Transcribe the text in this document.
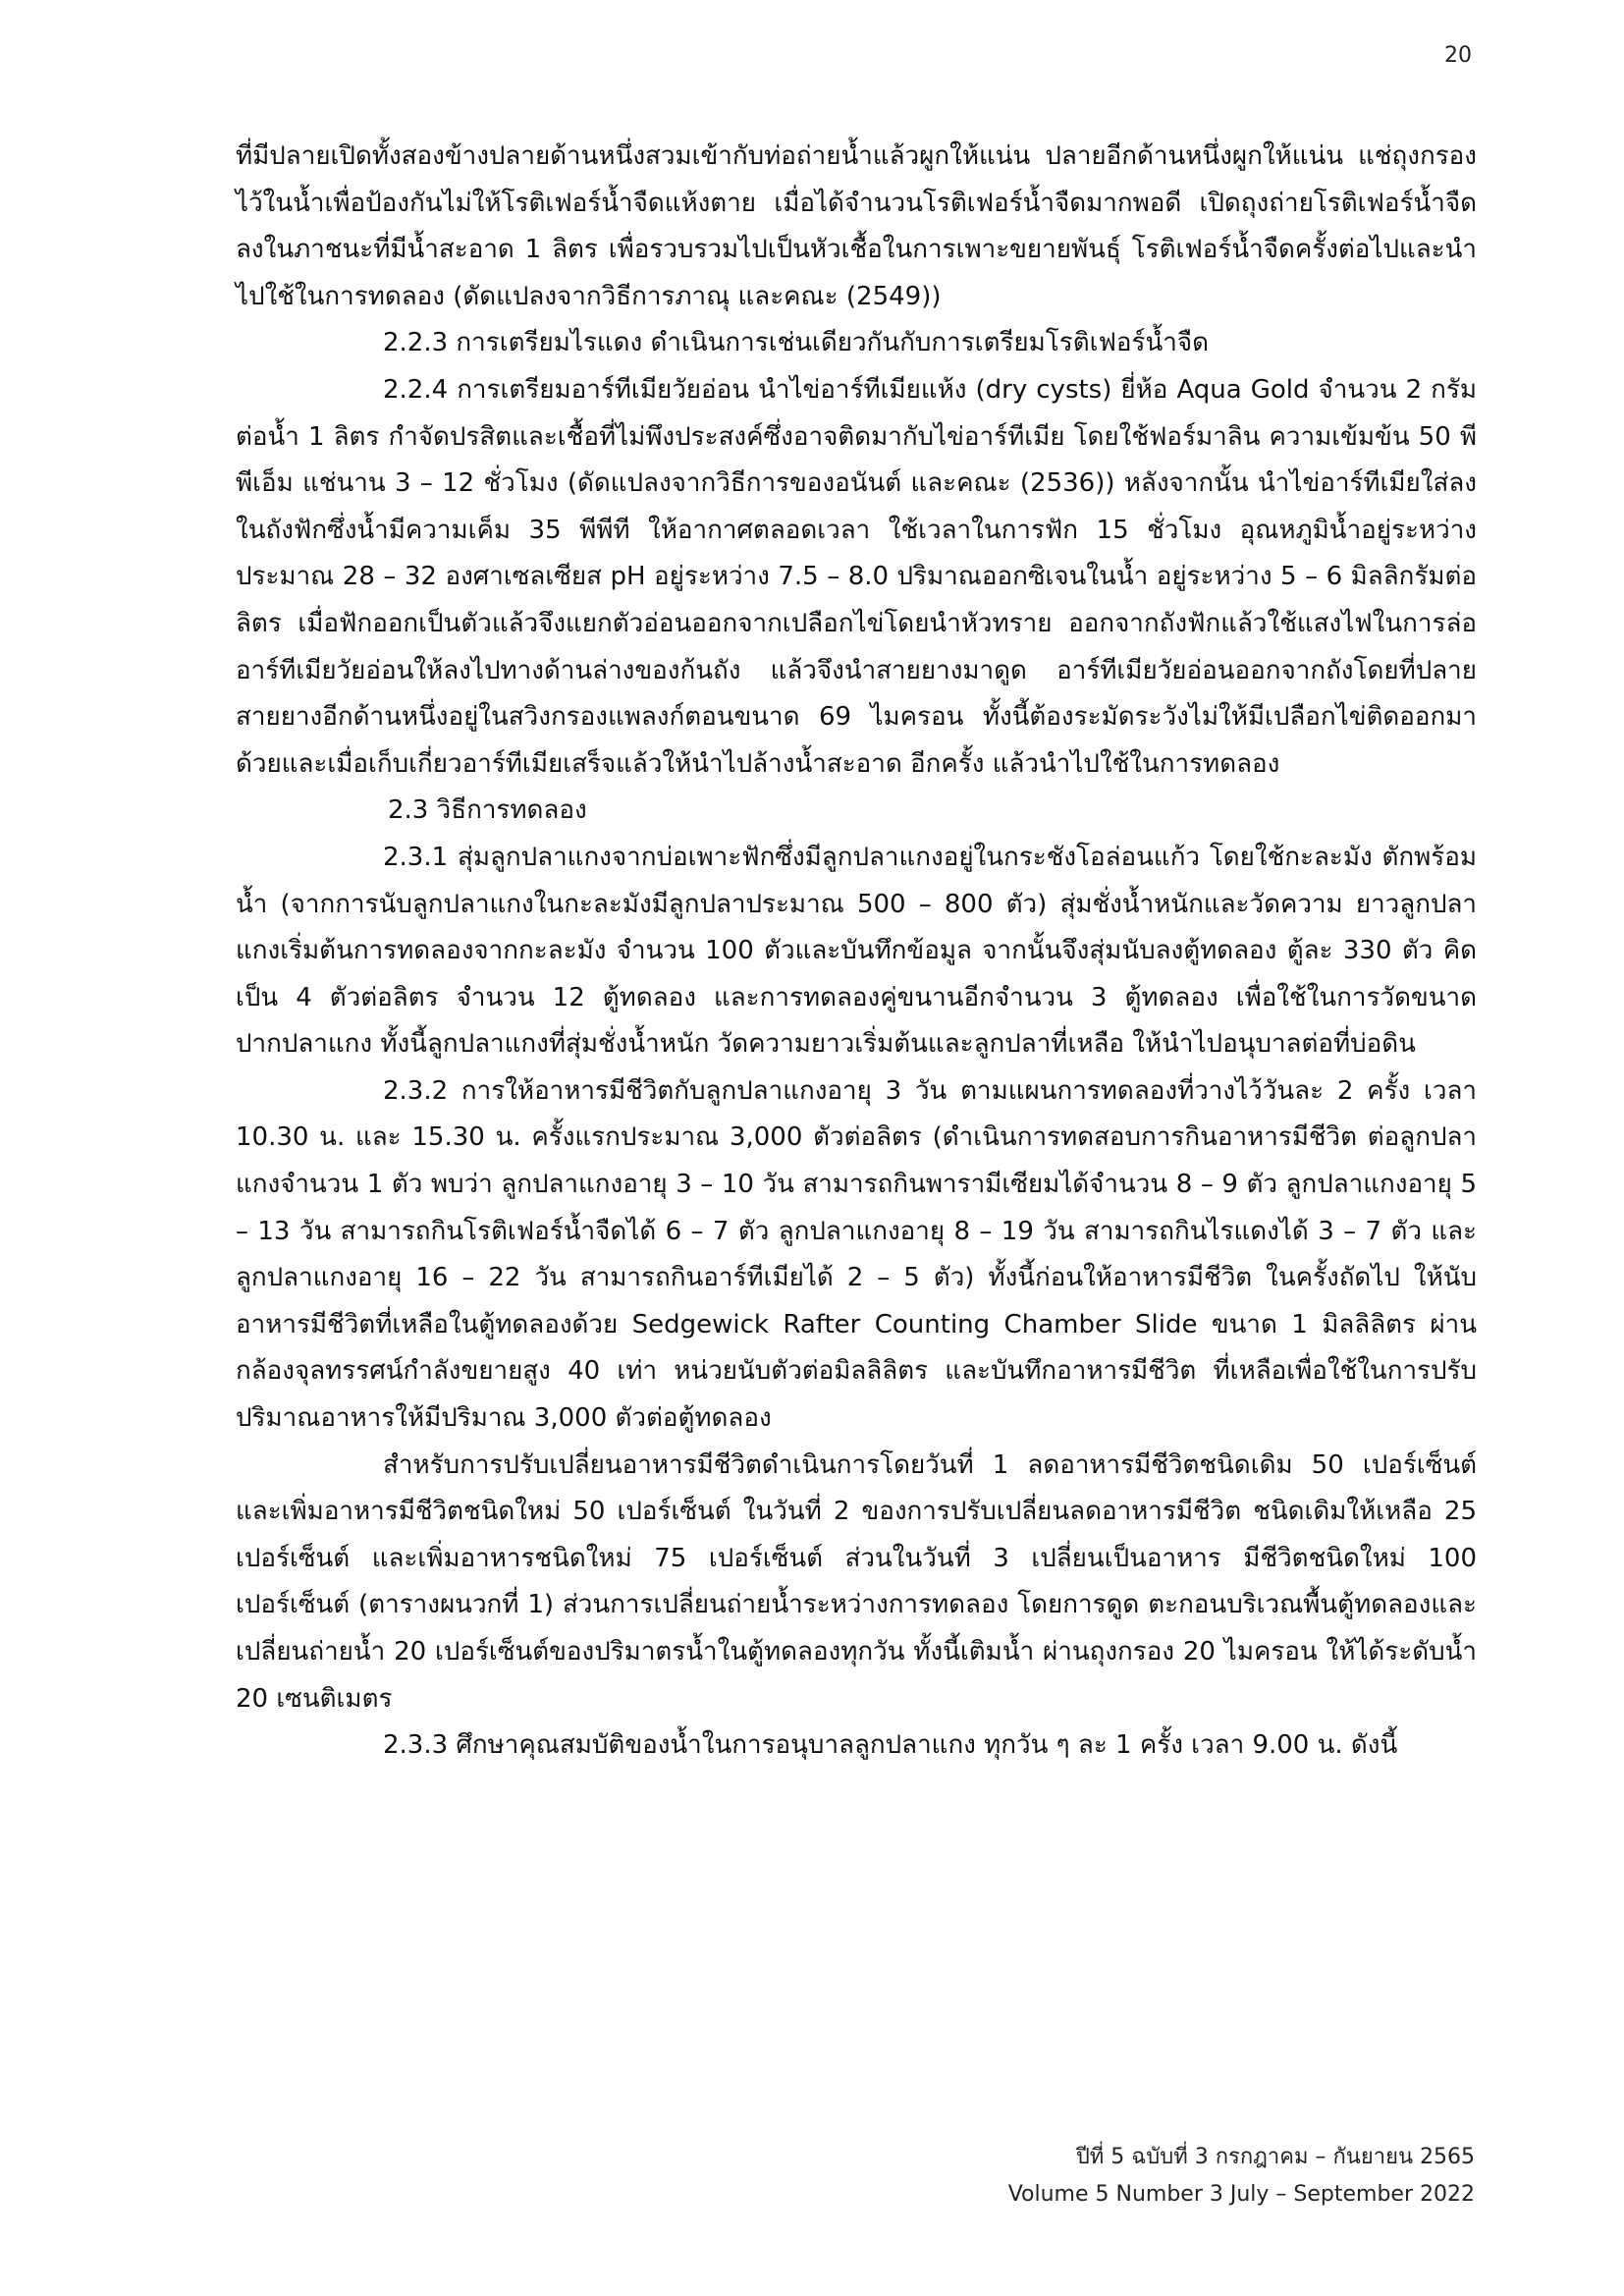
20

ที่มีปลายเปิดทั้งสองข้างปลายด้านหนึ่งสวมเข้ากับท่อถ่ายน้ำแล้วผูกให้แน่น ปลายอีกด้านหนึ่งผูกให้แน่น แช่ถุงกรองไว้ในน้ำเพื่อป้องกันไม่ให้โรติเฟอร์น้ำจืดแห้งตาย เมื่อได้จำนวนโรติเฟอร์น้ำจืดมากพอดี เปิดถุงถ่ายโรติเฟอร์น้ำจืดลงในภาชนะที่มีน้ำสะอาด 1 ลิตร เพื่อรวบรวมไปเป็นหัวเชื้อในการเพาะขยายพันธุ์ โรติเฟอร์น้ำจืดครั้งต่อไปและนำไปใช้ในการทดลอง (ดัดแปลงจากวิธีการภาณุ และคณะ (2549))

2.2.3 การเตรียมไรแดง ดำเนินการเช่นเดียวกันกับการเตรียมโรติเฟอร์น้ำจืด

2.2.4 การเตรียมอาร์ทีเมียวัยอ่อน นำไข่อาร์ทีเมียแห้ง (dry cysts) ยี่ห้อ Aqua Gold จำนวน 2 กรัมต่อน้ำ 1 ลิตร กำจัดปรสิตและเชื้อที่ไม่พึงประสงค์ซึ่งอาจติดมากับไข่อาร์ทีเมีย โดยใช้ฟอร์มาลิน ความเข้มข้น 50 พีพีเอ็ม แช่นาน 3 – 12 ชั่วโมง (ดัดแปลงจากวิธีการของอนันต์ และคณะ (2536)) หลังจากนั้น นำไข่อาร์ทีเมียใส่ลงในถังฟักซึ่งน้ำมีความเค็ม 35 พีพีที ให้อากาศตลอดเวลา ใช้เวลาในการฟัก 15 ชั่วโมง อุณหภูมิน้ำอยู่ระหว่างประมาณ 28 – 32 องศาเซลเซียส pH อยู่ระหว่าง 7.5 – 8.0 ปริมาณออกซิเจนในน้ำ อยู่ระหว่าง 5 – 6 มิลลิกรัมต่อลิตร เมื่อฟักออกเป็นตัวแล้วจึงแยกตัวอ่อนออกจากเปลือกไข่โดยนำหัวทราย ออกจากถังฟักแล้วใช้แสงไฟในการล่ออาร์ทีเมียวัยอ่อนให้ลงไปทางด้านล่างของก้นถัง แล้วจึงนำสายยางมาดูด อาร์ทีเมียวัยอ่อนออกจากถังโดยที่ปลายสายยางอีกด้านหนึ่งอยู่ในสวิงกรองแพลงก์ตอนขนาด 69 ไมครอน ทั้งนี้ต้องระมัดระวังไม่ให้มีเปลือกไข่ติดออกมาด้วยและเมื่อเก็บเกี่ยวอาร์ทีเมียเสร็จแล้วให้นำไปล้างน้ำสะอาด อีกครั้ง แล้วนำไปใช้ในการทดลอง

2.3 วิธีการทดลอง

2.3.1 สุ่มลูกปลาแกงจากบ่อเพาะฟักซึ่งมีลูกปลาแกงอยู่ในกระชังโอล่อนแก้ว โดยใช้กะละมัง ตักพร้อมน้ำ (จากการนับลูกปลาแกงในกะละมังมีลูกปลาประมาณ 500 – 800 ตัว) สุ่มชั่งน้ำหนักและวัดความ ยาวลูกปลาแกงเริ่มต้นการทดลองจากกะละมัง จำนวน 100 ตัวและบันทึกข้อมูล จากนั้นจึงสุ่มนับลงตู้ทดลอง ตู้ละ 330 ตัว คิดเป็น 4 ตัวต่อลิตร จำนวน 12 ตู้ทดลอง และการทดลองคู่ขนานอีกจำนวน 3 ตู้ทดลอง เพื่อใช้ในการวัดขนาดปากปลาแกง ทั้งนี้ลูกปลาแกงที่สุ่มชั่งน้ำหนัก วัดความยาวเริ่มต้นและลูกปลาที่เหลือ ให้นำไปอนุบาลต่อที่บ่อดิน

2.3.2 การให้อาหารมีชีวิตกับลูกปลาแกงอายุ 3 วัน ตามแผนการทดลองที่วางไว้วันละ 2 ครั้ง เวลา 10.30 น. และ 15.30 น. ครั้งแรกประมาณ 3,000 ตัวต่อลิตร (ดำเนินการทดสอบการกินอาหารมีชีวิต ต่อลูกปลาแกงจำนวน 1 ตัว พบว่า ลูกปลาแกงอายุ 3 – 10 วัน สามารถกินพารามีเซียมได้จำนวน 8 – 9 ตัว ลูกปลาแกงอายุ 5 – 13 วัน สามารถกินโรติเฟอร์น้ำจืดได้ 6 – 7 ตัว ลูกปลาแกงอายุ 8 – 19 วัน สามารถกินไรแดงได้ 3 – 7 ตัว และลูกปลาแกงอายุ 16 – 22 วัน สามารถกินอาร์ทีเมียได้ 2 – 5 ตัว) ทั้งนี้ก่อนให้อาหารมีชีวิต ในครั้งถัดไป ให้นับอาหารมีชีวิตที่เหลือในตู้ทดลองด้วย Sedgewick Rafter Counting Chamber Slide ขนาด 1 มิลลิลิตร ผ่านกล้องจุลทรรศน์กำลังขยายสูง 40 เท่า หน่วยนับตัวต่อมิลลิลิตร และบันทึกอาหารมีชีวิต ที่เหลือเพื่อใช้ในการปรับปริมาณอาหารให้มีปริมาณ 3,000 ตัวต่อตู้ทดลอง

สำหรับการปรับเปลี่ยนอาหารมีชีวิตดำเนินการโดยวันที่ 1 ลดอาหารมีชีวิตชนิดเดิม 50 เปอร์เซ็นต์ และเพิ่มอาหารมีชีวิตชนิดใหม่ 50 เปอร์เซ็นต์ ในวันที่ 2 ของการปรับเปลี่ยนลดอาหารมีชีวิต ชนิดเดิมให้เหลือ 25 เปอร์เซ็นต์ และเพิ่มอาหารชนิดใหม่ 75 เปอร์เซ็นต์ ส่วนในวันที่ 3 เปลี่ยนเป็นอาหาร มีชีวิตชนิดใหม่ 100 เปอร์เซ็นต์ (ตารางผนวกที่ 1) ส่วนการเปลี่ยนถ่ายน้ำระหว่างการทดลอง โดยการดูด ตะกอนบริเวณพื้นตู้ทดลองและเปลี่ยนถ่ายน้ำ 20 เปอร์เซ็นต์ของปริมาตรน้ำในตู้ทดลองทุกวัน ทั้งนี้เติมน้ำ ผ่านถุงกรอง 20 ไมครอน ให้ได้ระดับน้ำ 20 เซนติเมตร

2.3.3 ศึกษาคุณสมบัติของน้ำในการอนุบาลลูกปลาแกง ทุกวัน ๆ ละ 1 ครั้ง เวลา 9.00 น. ดังนี้

ปีที่ 5 ฉบับที่ 3 กรกฎาคม – กันยายน 2565
Volume 5 Number 3 July – September 2022
